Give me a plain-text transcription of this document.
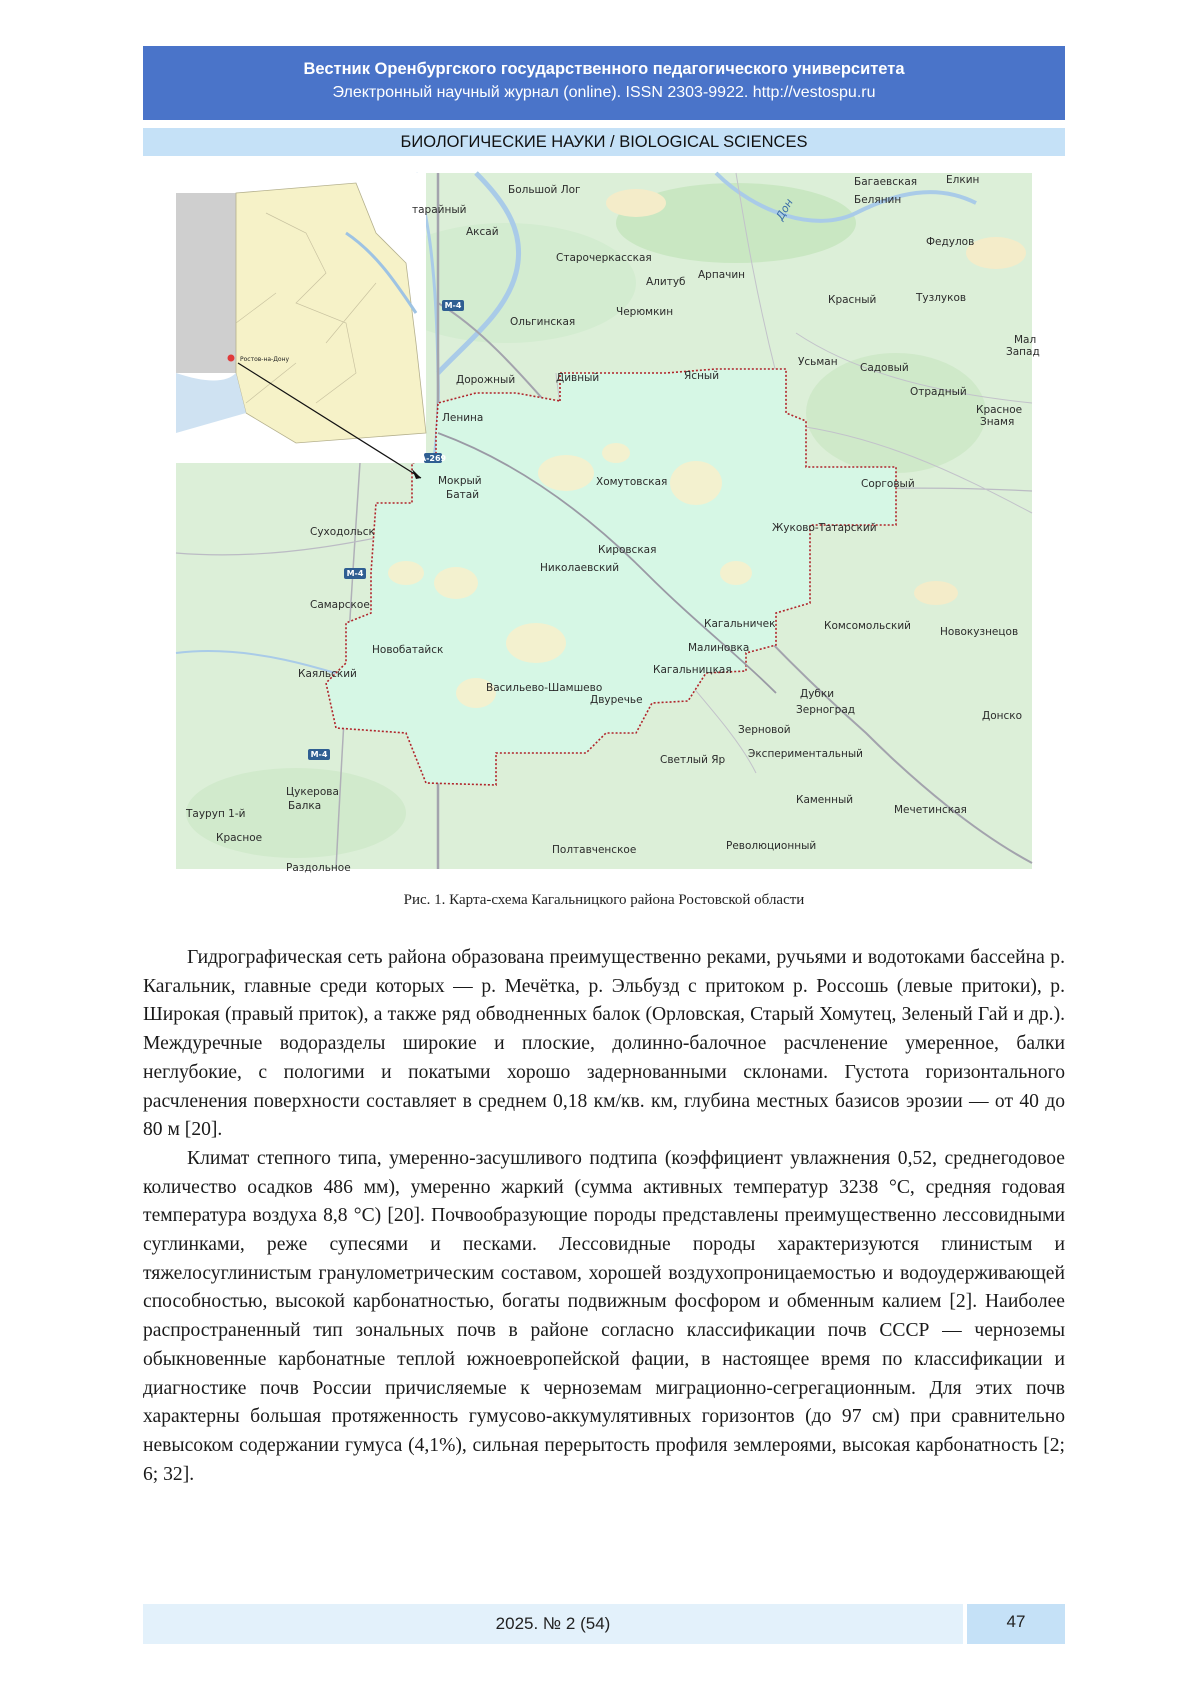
Вестник Оренбургского государственного педагогического университета
Электронный научный журнал (online). ISSN 2303-9922. http://vestospu.ru
БИОЛОГИЧЕСКИЕ НАУКИ / BIOLOGICAL SCIENCES
Ростов-на-Дону
М-4
М-4
М-4
А-269
Дон
Багаевская	Елкин
Белянин
Большой Лог
тарайный
Аксай
Федулов
Старочеркасская
Арпачин
Алитуб
Красный	Тузлуков
Ольгинская
Черюмкин
Мал
Запад
Усьман Садовый
Дорожный	Дивный	Ясный
Отрадный
Ленина
Красное
Знамя
Мокрый
Батай
Хомутовская	Сорговый
Суходольск	Жуково-Татарский
Кировская
Николаевский
Самарское
Кагальничек	Комсомольский	Новокузнецов
Новобатайск	Малиновка
Каяльский	Кагальницкая
Васильево-Шамшево
Двуречье	Дубки
Зерноград	Донско
Зерновой
Экспериментальный
Светлый Яр
Цукерова
Балка
Тауруп 1-й
Каменный
Мечетинская
Красное
Полтавченское	Революционный
Раздольное
Рис. 1. Карта-схема Кагальницкого района Ростовской области

Гидрографическая сеть района образована преимущественно реками, ручьями и водотоками бассейна р. Кагальник, главные среди которых — р. Мечётка, р. Эльбузд с притоком р. Россошь (левые притоки), р. Широкая (правый приток), а также ряд обводненных балок (Орловская, Старый Хомутец, Зеленый Гай и др.). Междуречные водоразделы широкие и плоские, долинно-балочное расчленение умеренное, балки неглубокие, с пологими и покатыми хорошо задернованными склонами. Густота горизонтального расчленения поверхности составляет в среднем 0,18 км/кв. км, глубина местных базисов эрозии — от 40 до 80 м [20].

Климат степного типа, умеренно-засушливого подтипа (коэффициент увлажнения 0,52, среднегодовое количество осадков 486 мм), умеренно жаркий (сумма активных температур 3238 °С, средняя годовая температура воздуха 8,8 °С) [20]. Почвообразующие породы представлены преимущественно лессовидными суглинками, реже супесями и песками. Лессовидные породы характеризуются глинистым и тяжелосуглинистым гранулометрическим составом, хорошей воздухопроницаемостью и водоудерживающей способностью, высокой карбонатностью, богаты подвижным фосфором и обменным калием [2]. Наиболее распространенный тип зональных почв в районе согласно классификации почв СССР — черноземы обыкновенные карбонатные теплой южноевропейской фации, в настоящее время по классификации и диагностике почв России причисляемые к черноземам миграционно-сегрегационным. Для этих почв характерны большая протяженность гумусово-аккумулятивных горизонтов (до 97 см) при сравнительно невысоком содержании гумуса (4,1%), сильная перерытость профиля землероями, высокая карбонатность [2; 6; 32].

2025. № 2 (54)	47
